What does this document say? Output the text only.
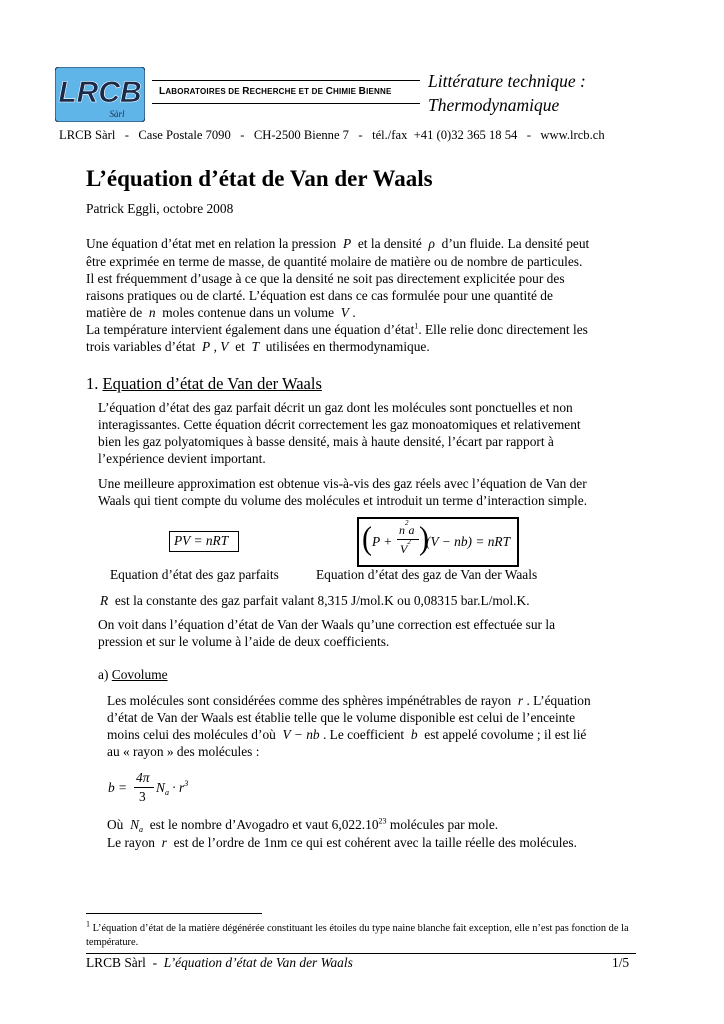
LRCB
Sàrl
LABORATOIRES DE RECHERCHE ET DE CHIMIE BIENNE
Littérature technique :
Thermodynamique
LRCB Sàrl   -   Case Postale 7090   -   CH-2500 Bienne 7   -   tél./fax  +41 (0)32 365 18 54   -   www.lrcb.ch
L’équation d’état de Van der Waals
Patrick Eggli, octobre 2008
Une équation d’état met en relation la pression P et la densité ρ d’un fluide. La densité peut
être exprimée en terme de masse, de quantité molaire de matière ou de nombre de particules.
Il est fréquemment d’usage à ce que la densité ne soit pas directement explicitée pour des
raisons pratiques ou de clarté. L’équation est dans ce cas formulée pour une quantité de
matière de n moles contenue dans un volume V .
La température intervient également dans une équation d’état$^1$. Elle relie donc directement les
trois variables d’état P , V et T utilisées en thermodynamique.
1. Equation d’état de Van der Waals
L’équation d’état des gaz parfait décrit un gaz dont les molécules sont ponctuelles et non
interagissantes. Cette équation décrit correctement les gaz monoatomiques et relativement
bien les gaz polyatomiques à basse densité, mais à haute densité, l’écart par rapport à
l’expérience devient important.
Une meilleure approximation est obtenue vis-à-vis des gaz réels avec l’équation de Van der
Waals qui tient compte du volume des molécules et introduit un terme d’interaction simple.
PV = nRT	( P +
$n^2a$
$V^2$ )
(V − nb) = nRT
Equation d’état des gaz parfaits	Equation d’état des gaz de Van der Waals
R est la constante des gaz parfait valant 8,315 J/mol.K ou 0,08315 bar.L/mol.K.
On voit dans l’équation d’état de Van der Waals qu’une correction est effectuée sur la
pression et sur le volume à l’aide de deux coefficients.
a) Covolume
Les molécules sont considérées comme des sphères impénétrables de rayon r . L’équation
d’état de Van der Waals est établie telle que le volume disponible est celui de l’enceinte
moins celui des molécules d’où V − nb . Le coefficient b est appelé covolume ; il est lié
au « rayon » des molécules :
b =
4π
3
$N_a \cdot r^3$
Où $N_a$ est le nombre d’Avogadro et vaut 6,022.10$^{23}$ molécules par mole.
Le rayon r est de l’ordre de 1nm ce qui est cohérent avec la taille réelle des molécules.
$^1$ L’équation d’état de la matière dégénérée constituant les étoiles du type naine blanche fait exception, elle n’est pas fonction de la température.
LRCB Sàrl  -  L’équation d’état de Van der Waals	1/5
